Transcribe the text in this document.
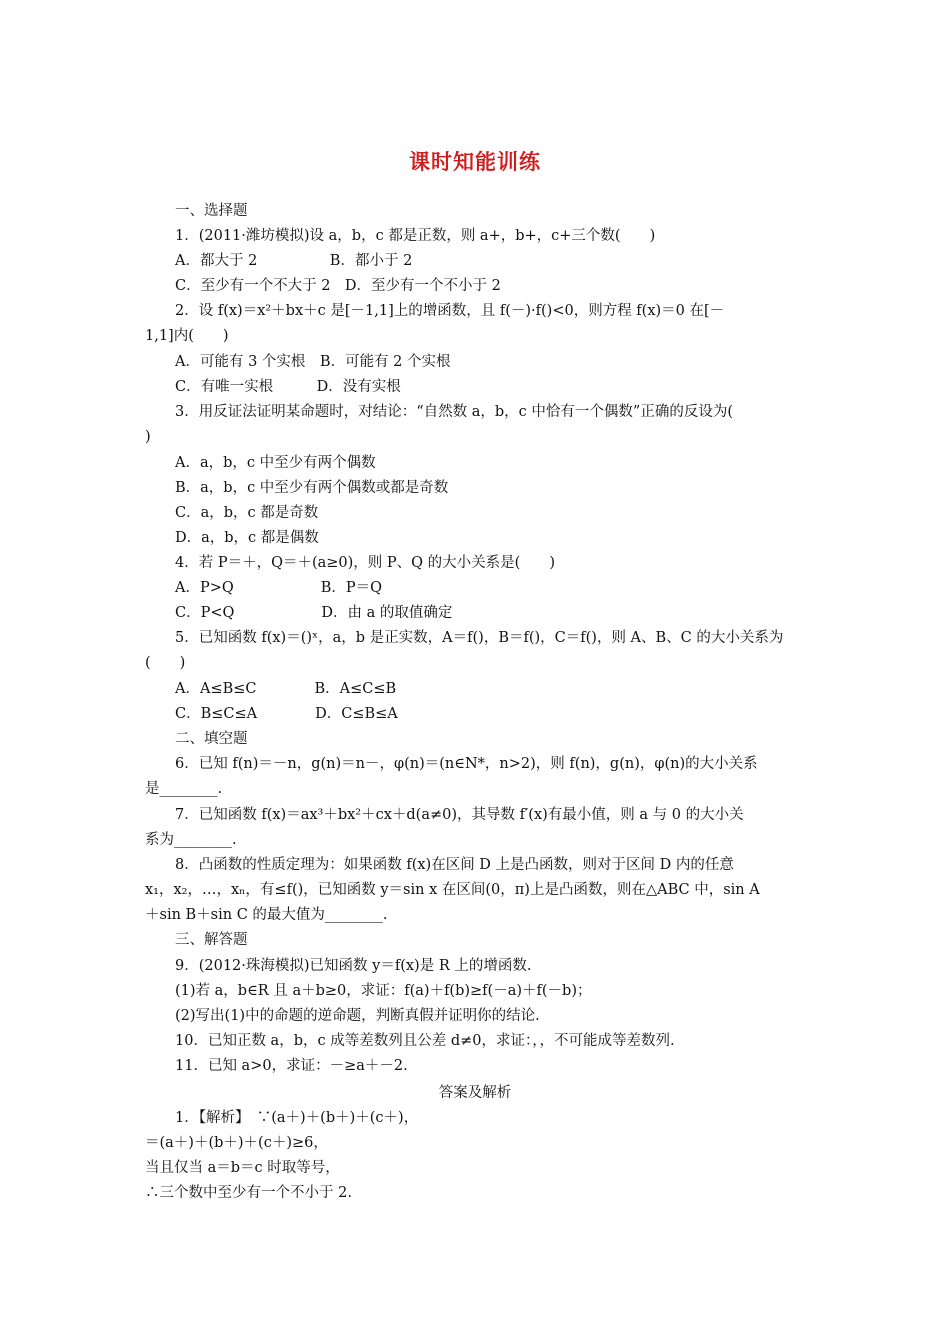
课时知能训练
一、选择题
1．(2011·潍坊模拟)设 a，b，c 都是正数，则 a+，b+，c+三个数(　　)
A．都大于 2　　　　　B．都小于 2
C．至少有一个不大于 2　D．至少有一个不小于 2
2．设 f(x)＝x²＋bx＋c 是[－1,1]上的增函数，且 f(－)·f()<0，则方程 f(x)＝0 在[－
1,1]内(　　)
A．可能有 3 个实根　B．可能有 2 个实根
C．有唯一实根　　　D．没有实根
3．用反证法证明某命题时，对结论：“自然数 a，b，c 中恰有一个偶数”正确的反设为(
)
A．a，b，c 中至少有两个偶数
B．a，b，c 中至少有两个偶数或都是奇数
C．a，b，c 都是奇数
D．a，b，c 都是偶数
4．若 P＝＋，Q＝＋(a≥0)，则 P、Q 的大小关系是(　　)
A．P>Q　　　　　　B．P＝Q
C．P<Q　　　　　　D．由 a 的取值确定
5．已知函数 f(x)＝()ˣ，a，b 是正实数，A＝f()，B＝f()，C＝f()，则 A、B、C 的大小关系为
(　　)
A．A≤B≤C　　　　B．A≤C≤B
C．B≤C≤A　　　　D．C≤B≤A
二、填空题
6．已知 f(n)＝－n，g(n)＝n－，φ(n)＝(n∈N*，n>2)，则 f(n)，g(n)，φ(n)的大小关系
是________.
7．已知函数 f(x)＝ax³＋bx²＋cx＋d(a≠0)，其导数 f′(x)有最小值，则 a 与 0 的大小关
系为________.
8．凸函数的性质定理为：如果函数 f(x)在区间 D 上是凸函数，则对于区间 D 内的任意
x₁，x₂，…，xₙ，有≤f()，已知函数 y＝sin x 在区间(0，π)上是凸函数，则在△ABC 中，sin A
＋sin B＋sin C 的最大值为________.
三、解答题
9．(2012·珠海模拟)已知函数 y＝f(x)是 R 上的增函数.
(1)若 a，b∈R 且 a＋b≥0，求证：f(a)＋f(b)≥f(－a)＋f(－b)；
(2)写出(1)中的命题的逆命题，判断真假并证明你的结论.
10．已知正数 a，b，c 成等差数列且公差 d≠0，求证：，，不可能成等差数列.
11．已知 a>0，求证：－≥a＋－2.
答案及解析
1．【解析】　∵(a＋)＋(b＋)＋(c＋)，
＝(a＋)＋(b＋)＋(c＋)≥6，
当且仅当 a＝b＝c 时取等号，
∴三个数中至少有一个不小于 2.
